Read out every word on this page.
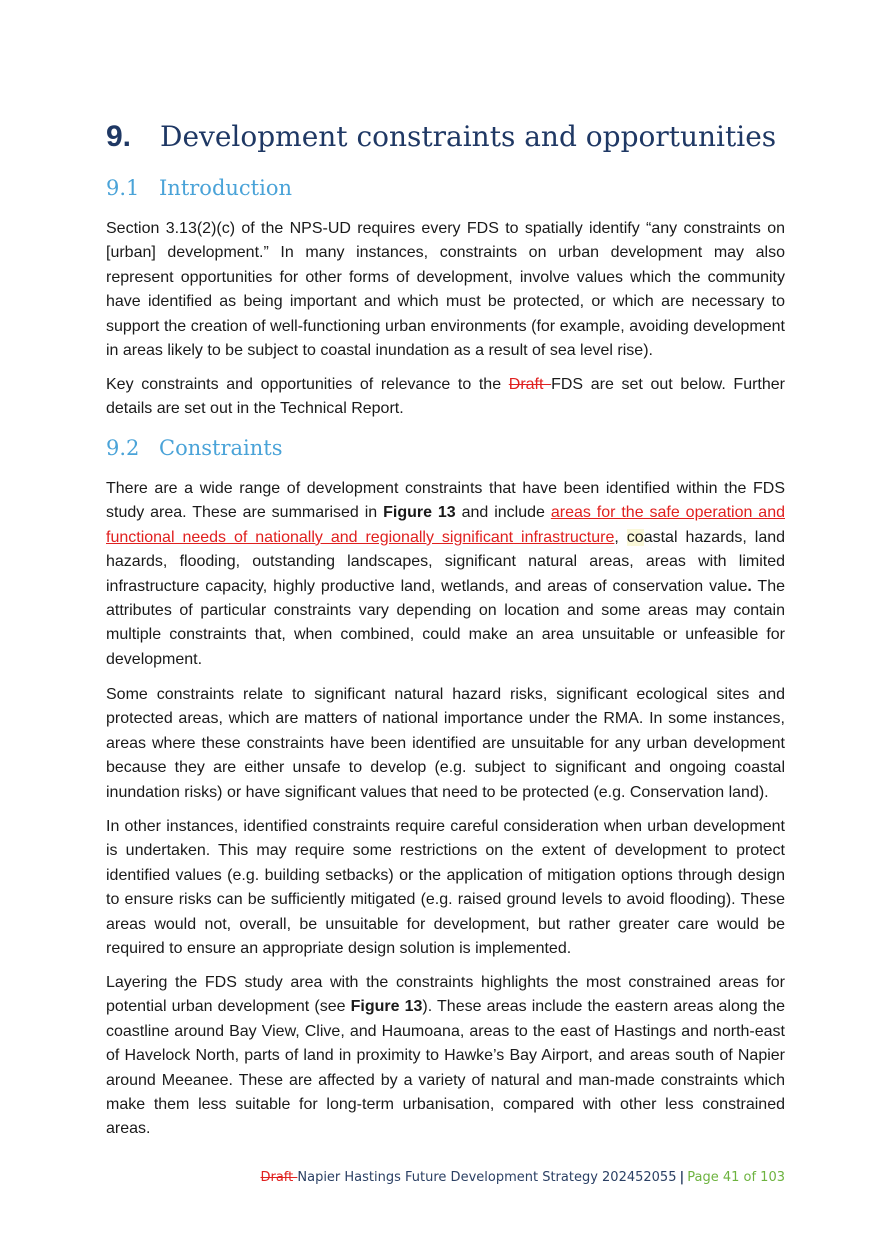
9. Development constraints and opportunities
9.1 Introduction

Section 3.13(2)(c) of the NPS-UD requires every FDS to spatially identify “any constraints on [urban] development.” In many instances, constraints on urban development may also represent opportunities for other forms of development, involve values which the community have identified as being important and which must be protected, or which are necessary to support the creation of well-functioning urban environments (for example, avoiding development in areas likely to be subject to coastal inundation as a result of sea level rise).

Key constraints and opportunities of relevance to the Draft FDS are set out below. Further details are set out in the Technical Report.

9.2 Constraints

There are a wide range of development constraints that have been identified within the FDS study area. These are summarised in Figure 13 and include areas for the safe operation and functional needs of nationally and regionally significant infrastructure, coastal hazards, land hazards, flooding, outstanding landscapes, significant natural areas, areas with limited infrastructure capacity, highly productive land, wetlands, and areas of conservation value. The attributes of particular constraints vary depending on location and some areas may contain multiple constraints that, when combined, could make an area unsuitable or unfeasible for development.

Some constraints relate to significant natural hazard risks, significant ecological sites and protected areas, which are matters of national importance under the RMA. In some instances, areas where these constraints have been identified are unsuitable for any urban development because they are either unsafe to develop (e.g. subject to significant and ongoing coastal inundation risks) or have significant values that need to be protected (e.g. Conservation land).

In other instances, identified constraints require careful consideration when urban development is undertaken. This may require some restrictions on the extent of development to protect identified values (e.g. building setbacks) or the application of mitigation options through design to ensure risks can be sufficiently mitigated (e.g. raised ground levels to avoid flooding). These areas would not, overall, be unsuitable for development, but rather greater care would be required to ensure an appropriate design solution is implemented.

Layering the FDS study area with the constraints highlights the most constrained areas for potential urban development (see Figure 13). These areas include the eastern areas along the coastline around Bay View, Clive, and Haumoana, areas to the east of Hastings and north-east of Havelock North, parts of land in proximity to Hawke’s Bay Airport, and areas south of Napier around Meeanee. These are affected by a variety of natural and man-made constraints which make them less suitable for long-term urbanisation, compared with other less constrained areas.

Draft Napier Hastings Future Development Strategy 202452055 | Page 41 of 103
